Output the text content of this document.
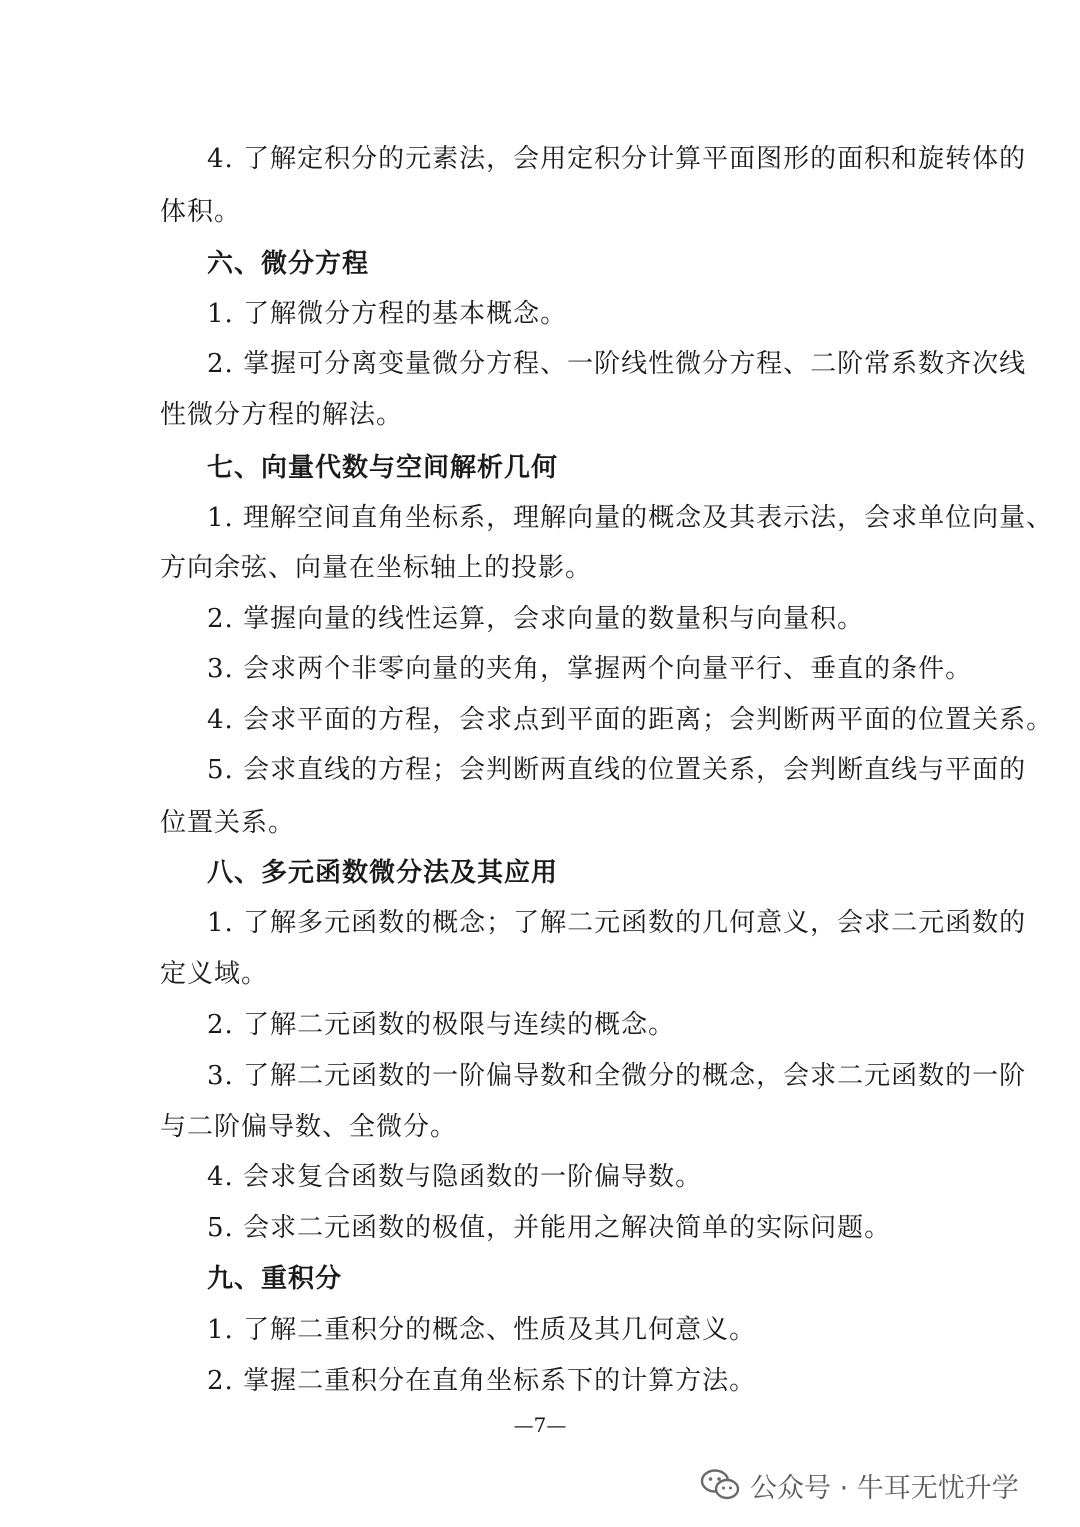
4. 了解定积分的元素法，会用定积分计算平面图形的面积和旋转体的
体积。
六、微分方程
1. 了解微分方程的基本概念。
2. 掌握可分离变量微分方程、一阶线性微分方程、二阶常系数齐次线
性微分方程的解法。
七、向量代数与空间解析几何
1. 理解空间直角坐标系，理解向量的概念及其表示法，会求单位向量、
方向余弦、向量在坐标轴上的投影。
2. 掌握向量的线性运算，会求向量的数量积与向量积。
3. 会求两个非零向量的夹角，掌握两个向量平行、垂直的条件。
4. 会求平面的方程，会求点到平面的距离；会判断两平面的位置关系。
5. 会求直线的方程；会判断两直线的位置关系，会判断直线与平面的
位置关系。
八、多元函数微分法及其应用
1. 了解多元函数的概念；了解二元函数的几何意义，会求二元函数的
定义域。
2. 了解二元函数的极限与连续的概念。
3. 了解二元函数的一阶偏导数和全微分的概念，会求二元函数的一阶
与二阶偏导数、全微分。
4. 会求复合函数与隐函数的一阶偏导数。
5. 会求二元函数的极值，并能用之解决简单的实际问题。
九、重积分
1. 了解二重积分的概念、性质及其几何意义。
2. 掌握二重积分在直角坐标系下的计算方法。
—7—
公众号 · 牛耳无忧升学
